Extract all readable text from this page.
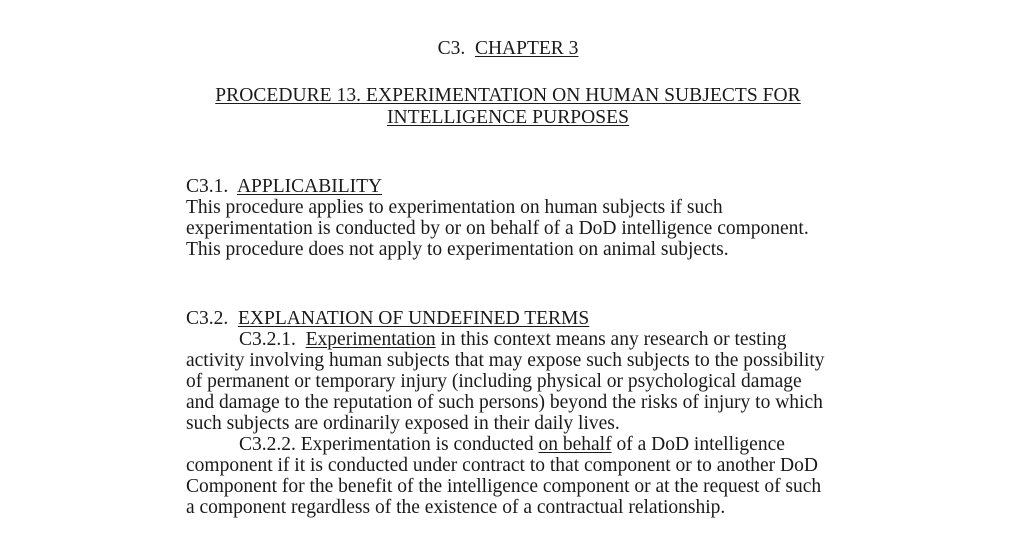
C3. CHAPTER 3
PROCEDURE 13. EXPERIMENTATION ON HUMAN SUBJECTS FOR
INTELLIGENCE PURPOSES
C3.1. APPLICABILITY

This procedure applies to experimentation on human subjects if such experimentation is conducted by or on behalf of a DoD intelligence component. This procedure does not apply to experimentation on animal subjects.

C3.2. EXPLANATION OF UNDEFINED TERMS

C3.2.1. Experimentation in this context means any research or testing activity involving human subjects that may expose such subjects to the possibility of permanent or temporary injury (including physical or psychological damage and damage to the reputation of such persons) beyond the risks of injury to which such subjects are ordinarily exposed in their daily lives.

C3.2.2. Experimentation is conducted on behalf of a DoD intelligence component if it is conducted under contract to that component or to another DoD Component for the benefit of the intelligence component or at the request of such a component regardless of the existence of a contractual relationship.
